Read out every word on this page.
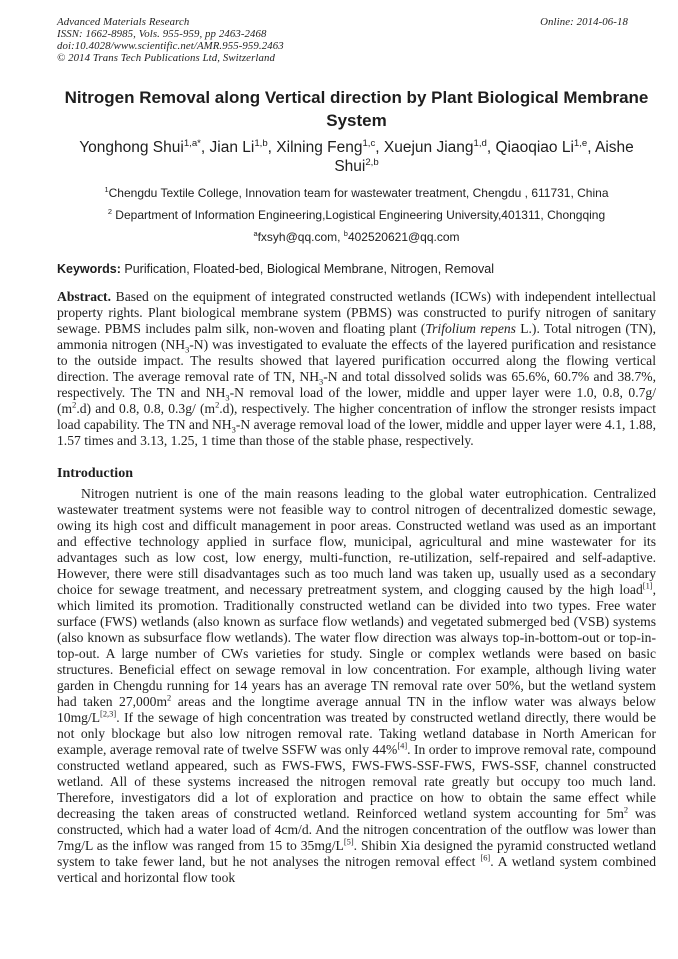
Advanced Materials Research
ISSN: 1662-8985, Vols. 955-959, pp 2463-2468
doi:10.4028/www.scientific.net/AMR.955-959.2463
© 2014 Trans Tech Publications Ltd, Switzerland
Online: 2014-06-18
Nitrogen Removal along Vertical direction by Plant Biological Membrane System
Yonghong Shui$^{1,a*}$, Jian Li$^{1,b}$, Xilning Feng$^{1,c}$, Xuejun Jiang$^{1,d}$, Qiaoqiao Li$^{1,e}$, Aishe Shui$^{2,b}$
$^1$Chengdu Textile College, Innovation team for wastewater treatment, Chengdu , 611731, China
$^2$ Department of Information Engineering,Logistical Engineering University,401311, Chongqing
$^a$fxsyh@qq.com, $^b$402520621@qq.com
Keywords: Purification, Floated-bed, Biological Membrane, Nitrogen, Removal

Abstract. Based on the equipment of integrated constructed wetlands (ICWs) with independent intellectual property rights. Plant biological membrane system (PBMS) was constructed to purify nitrogen of sanitary sewage. PBMS includes palm silk, non-woven and floating plant (Trifolium repens L.). Total nitrogen (TN), ammonia nitrogen $(NH_3-N)$ was investigated to evaluate the effects of the layered purification and resistance to the outside impact. The results showed that layered purification occurred along the flowing vertical direction. The average removal rate of TN, $NH_3-N$ and total dissolved solids was 65.6%, 60.7% and 38.7%, respectively. The TN and $NH_3-N$ removal load of the lower, middle and upper layer were 1.0, 0.8, 0.7g/ $(m^2.d)$ and 0.8, 0.8, 0.3g/ $(m^2.d)$, respectively. The higher concentration of inflow the stronger resists impact load capability. The TN and $NH_3-N$ average removal load of the lower, middle and upper layer were 4.1, 1.88, 1.57 times and 3.13, 1.25, 1 time than those of the stable phase, respectively.

Introduction

Nitrogen nutrient is one of the main reasons leading to the global water eutrophication. Centralized wastewater treatment systems were not feasible way to control nitrogen of decentralized domestic sewage, owing its high cost and difficult management in poor areas. Constructed wetland was used as an important and effective technology applied in surface flow, municipal, agricultural and mine wastewater for its advantages such as low cost, low energy, multi-function, re-utilization, self-repaired and self-adaptive. However, there were still disadvantages such as too much land was taken up, usually used as a secondary choice for sewage treatment, and necessary pretreatment system, and clogging caused by the high load[1], which limited its promotion. Traditionally constructed wetland can be divided into two types. Free water surface (FWS) wetlands (also known as surface flow wetlands) and vegetated submerged bed (VSB) systems (also known as subsurface flow wetlands). The water flow direction was always top-in-bottom-out or top-in-top-out. A large number of CWs varieties for study. Single or complex wetlands were based on basic structures. Beneficial effect on sewage removal in low concentration. For example, although living water garden in Chengdu running for 14 years has an average TN removal rate over 50%, but the wetland system had taken $27,000m^2$ areas and the longtime average annual TN in the inflow water was always below 10mg/L[2,3]. If the sewage of high concentration was treated by constructed wetland directly, there would be not only blockage but also low nitrogen removal rate. Taking wetland database in North American for example, average removal rate of twelve SSFW was only 44%[4]. In order to improve removal rate, compound constructed wetland appeared, such as FWS-FWS, FWS-FWS-SSF-FWS, FWS-SSF, channel constructed wetland. All of these systems increased the nitrogen removal rate greatly but occupy too much land. Therefore, investigators did a lot of exploration and practice on how to obtain the same effect while decreasing the taken areas of constructed wetland. Reinforced wetland system accounting for $5m^2$ was constructed, which had a water load of 4cm/d. And the nitrogen concentration of the outflow was lower than 7mg/L as the inflow was ranged from 15 to 35mg/L[5]. Shibin Xia designed the pyramid constructed wetland system to take fewer land, but he not analyses the nitrogen removal effect [6]. A wetland system combined vertical and horizontal flow took
